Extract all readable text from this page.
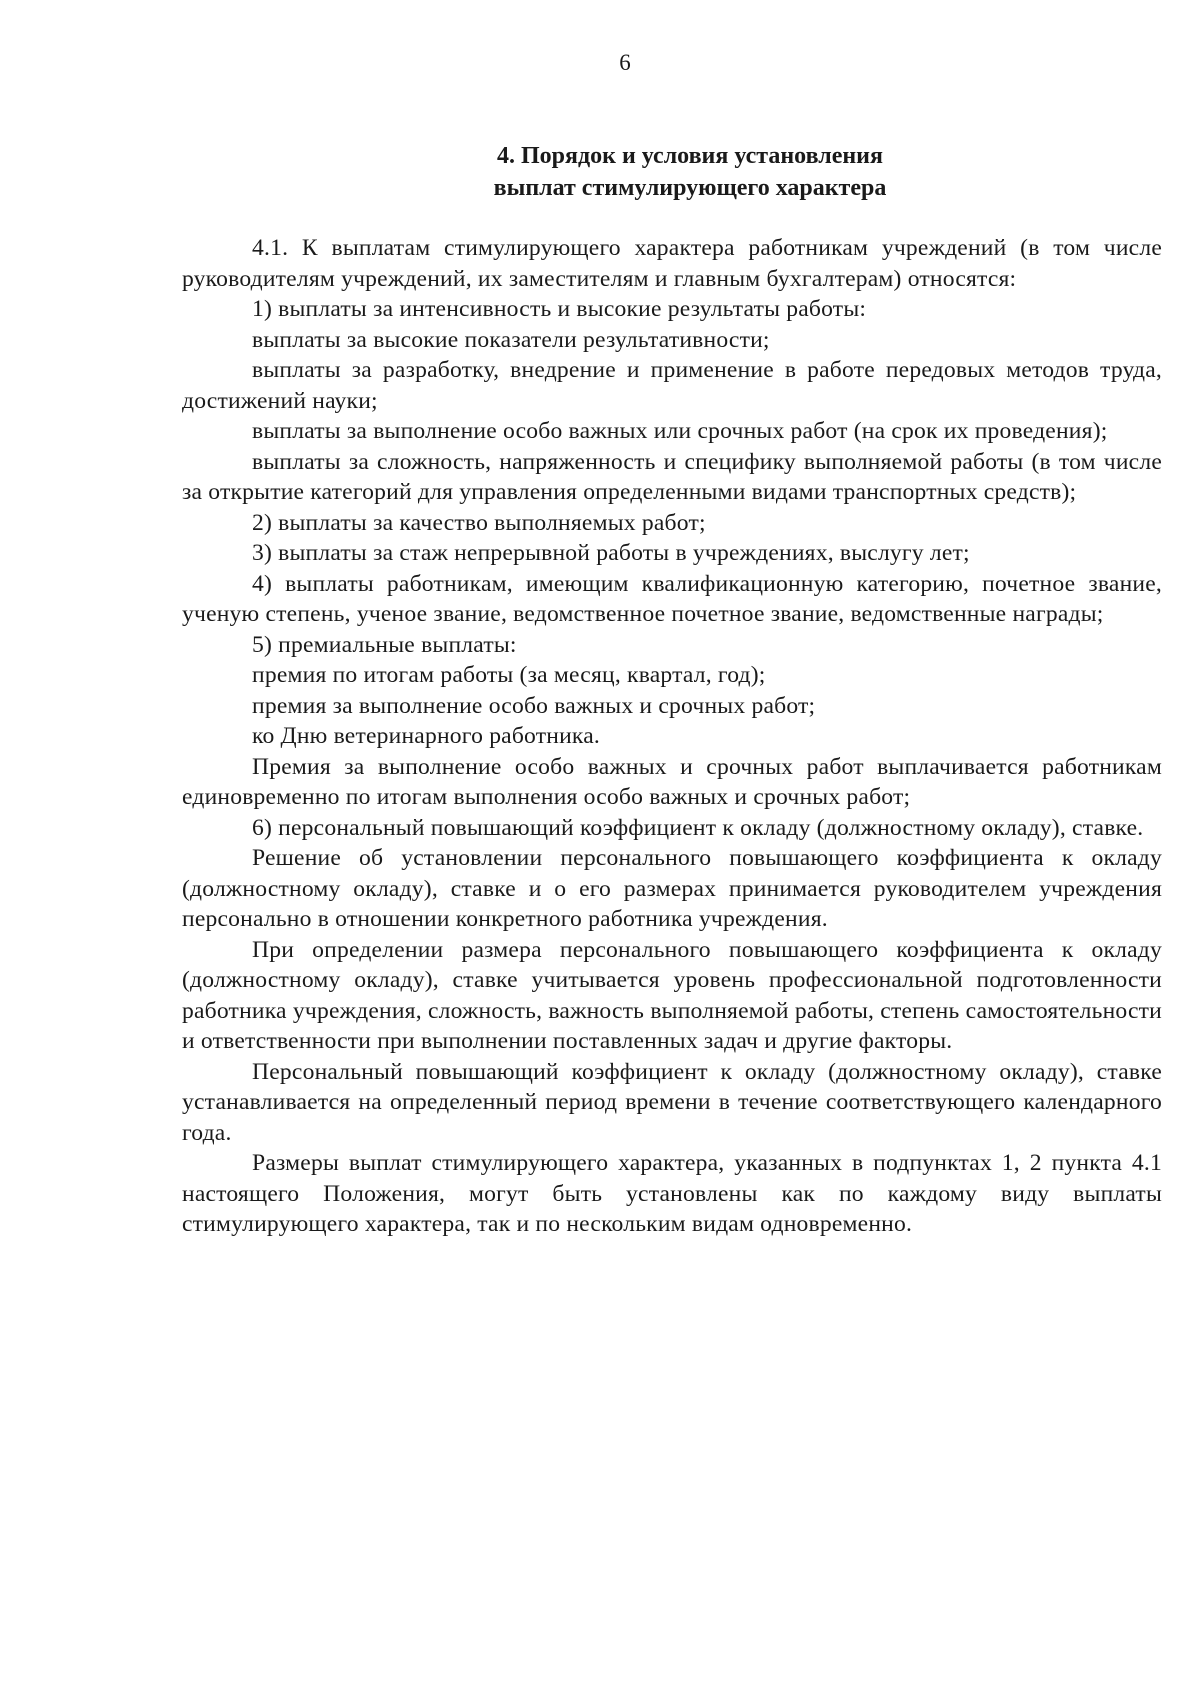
6
4. Порядок и условия установления
выплат стимулирующего характера

4.1. К выплатам стимулирующего характера работникам учреждений (в том числе руководителям учреждений, их заместителям и главным бухгалтерам) относятся:

1) выплаты за интенсивность и высокие результаты работы:

выплаты за высокие показатели результативности;

выплаты за разработку, внедрение и применение в работе передовых методов труда, достижений науки;

выплаты за выполнение особо важных или срочных работ (на срок их проведения);

выплаты за сложность, напряженность и специфику выполняемой работы (в том числе за открытие категорий для управления определенными видами транспортных средств);

2) выплаты за качество выполняемых работ;

3) выплаты за стаж непрерывной работы в учреждениях, выслугу лет;

4) выплаты работникам, имеющим квалификационную категорию, почетное звание, ученую степень, ученое звание, ведомственное почетное звание, ведомственные награды;

5) премиальные выплаты:

премия по итогам работы (за месяц, квартал, год);

премия за выполнение особо важных и срочных работ;

ко Дню ветеринарного работника.

Премия за выполнение особо важных и срочных работ выплачивается работникам единовременно по итогам выполнения особо важных и срочных работ;

6) персональный повышающий коэффициент к окладу (должностному окладу), ставке.

Решение об установлении персонального повышающего коэффициента к окладу (должностному окладу), ставке и о его размерах принимается руководителем учреждения персонально в отношении конкретного работника учреждения.

При определении размера персонального повышающего коэффициента к окладу (должностному окладу), ставке учитывается уровень профессиональной подготовленности работника учреждения, сложность, важность выполняемой работы, степень самостоятельности и ответственности при выполнении поставленных задач и другие факторы.

Персональный повышающий коэффициент к окладу (должностному окладу), ставке устанавливается на определенный период времени в течение соответствующего календарного года.

Размеры выплат стимулирующего характера, указанных в подпунктах 1, 2 пункта 4.1 настоящего Положения, могут быть установлены как по каждому виду выплаты стимулирующего характера, так и по нескольким видам одновременно.
